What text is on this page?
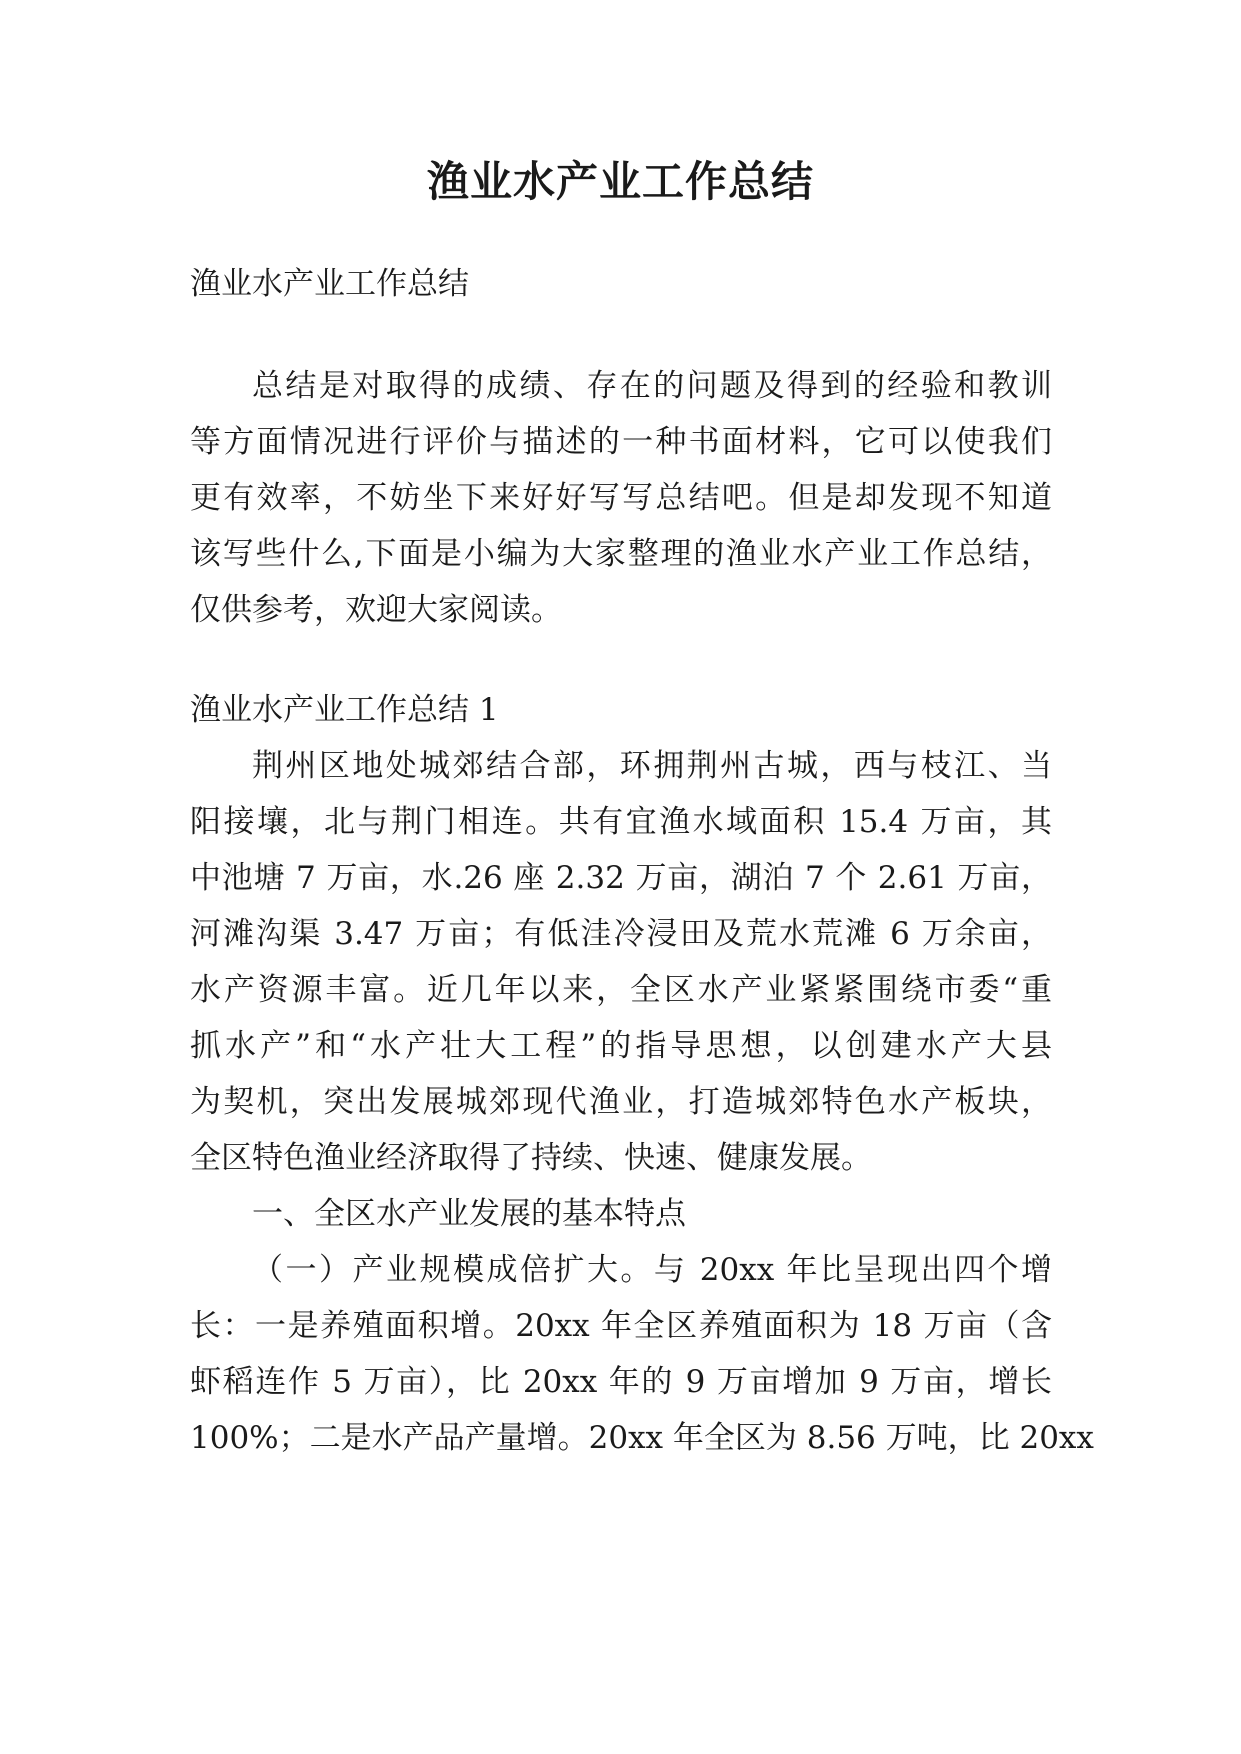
渔业水产业工作总结

渔业水产业工作总结

总结是对取得的成绩、存在的问题及得到的经验和教训

等方面情况进行评价与描述的一种书面材料，它可以使我们

更有效率，不妨坐下来好好写写总结吧。但是却发现不知道

该写些什么,下面是小编为大家整理的渔业水产业工作总结，

仅供参考，欢迎大家阅读。

渔业水产业工作总结 1

荆州区地处城郊结合部，环拥荆州古城，西与枝江、当

阳接壤，北与荆门相连。共有宜渔水域面积 15.4 万亩，其

中池塘 7 万亩，水.26 座 2.32 万亩，湖泊 7 个 2.61 万亩，

河滩沟渠 3.47 万亩；有低洼冷浸田及荒水荒滩 6 万余亩，

水产资源丰富。近几年以来，全区水产业紧紧围绕市委“重

抓水产”和“水产壮大工程”的指导思想，以创建水产大县

为契机，突出发展城郊现代渔业，打造城郊特色水产板块，

全区特色渔业经济取得了持续、快速、健康发展。

一、全区水产业发展的基本特点

（一）产业规模成倍扩大。与 20xx 年比呈现出四个增

长：一是养殖面积增。20xx 年全区养殖面积为 18 万亩（含

虾稻连作 5 万亩），比 20xx 年的 9 万亩增加 9 万亩，增长

100%；二是水产品产量增。20xx 年全区为 8.56 万吨，比 20xx
